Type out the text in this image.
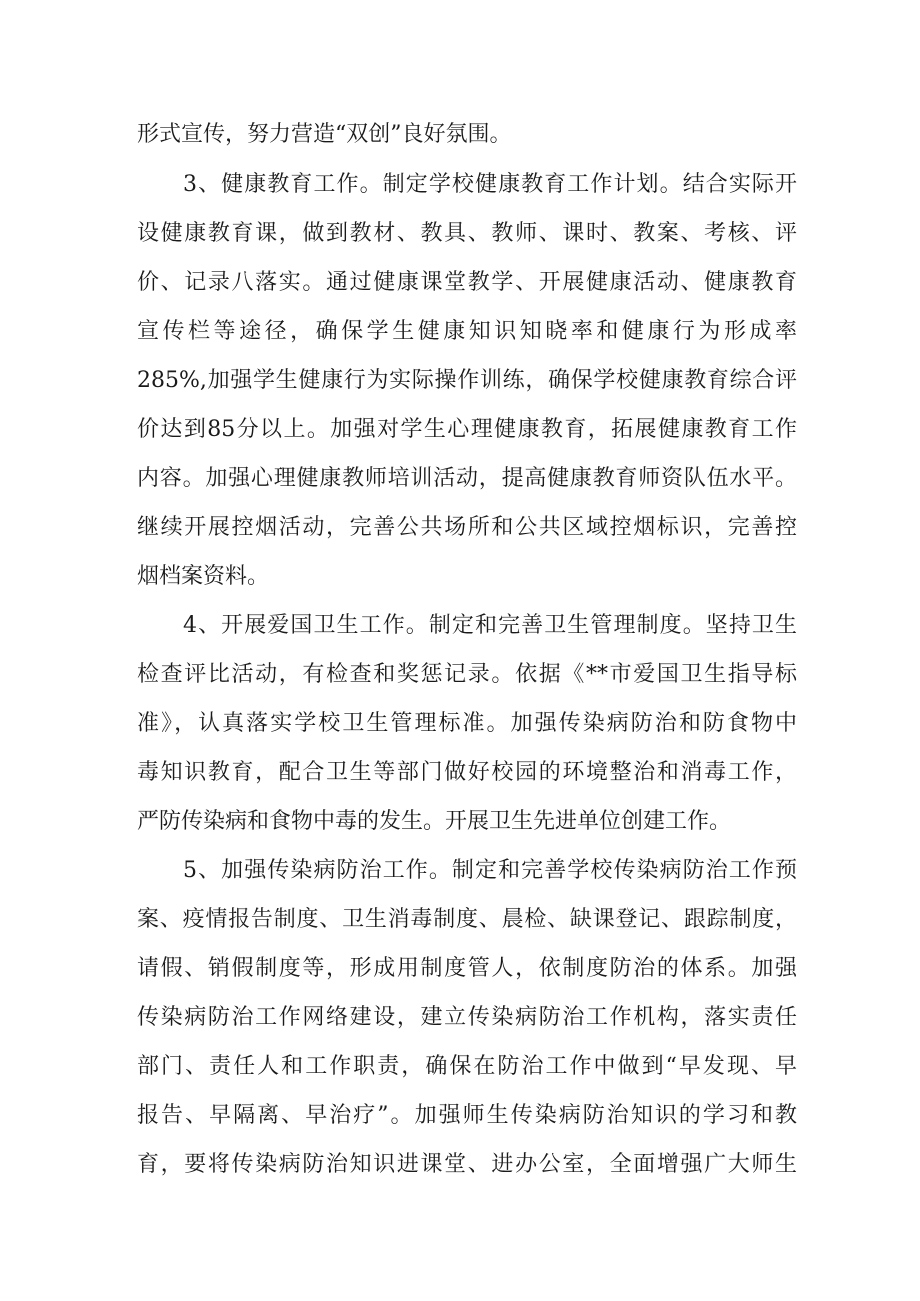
形式宣传，努力营造“双创”良好氛围。
3、健康教育工作。制定学校健康教育工作计划。结合实际开
设健康教育课，做到教材、教具、教师、课时、教案、考核、评
价、记录八落实。通过健康课堂教学、开展健康活动、健康教育
宣传栏等途径，确保学生健康知识知晓率和健康行为形成率
285%,加强学生健康行为实际操作训练，确保学校健康教育综合评
价达到85分以上。加强对学生心理健康教育，拓展健康教育工作
内容。加强心理健康教师培训活动，提高健康教育师资队伍水平。
继续开展控烟活动，完善公共场所和公共区域控烟标识，完善控
烟档案资料。
4、开展爱国卫生工作。制定和完善卫生管理制度。坚持卫生
检查评比活动，有检查和奖惩记录。依据《**市爱国卫生指导标
准》，认真落实学校卫生管理标准。加强传染病防治和防食物中
毒知识教育，配合卫生等部门做好校园的环境整治和消毒工作，
严防传染病和食物中毒的发生。开展卫生先进单位创建工作。
5、加强传染病防治工作。制定和完善学校传染病防治工作预
案、疫情报告制度、卫生消毒制度、晨检、缺课登记、跟踪制度，
请假、销假制度等，形成用制度管人，依制度防治的体系。加强
传染病防治工作网络建设，建立传染病防治工作机构，落实责任
部门、责任人和工作职责，确保在防治工作中做到“早发现、早
报告、早隔离、早治疗”。加强师生传染病防治知识的学习和教
育，要将传染病防治知识进课堂、进办公室，全面增强广大师生
